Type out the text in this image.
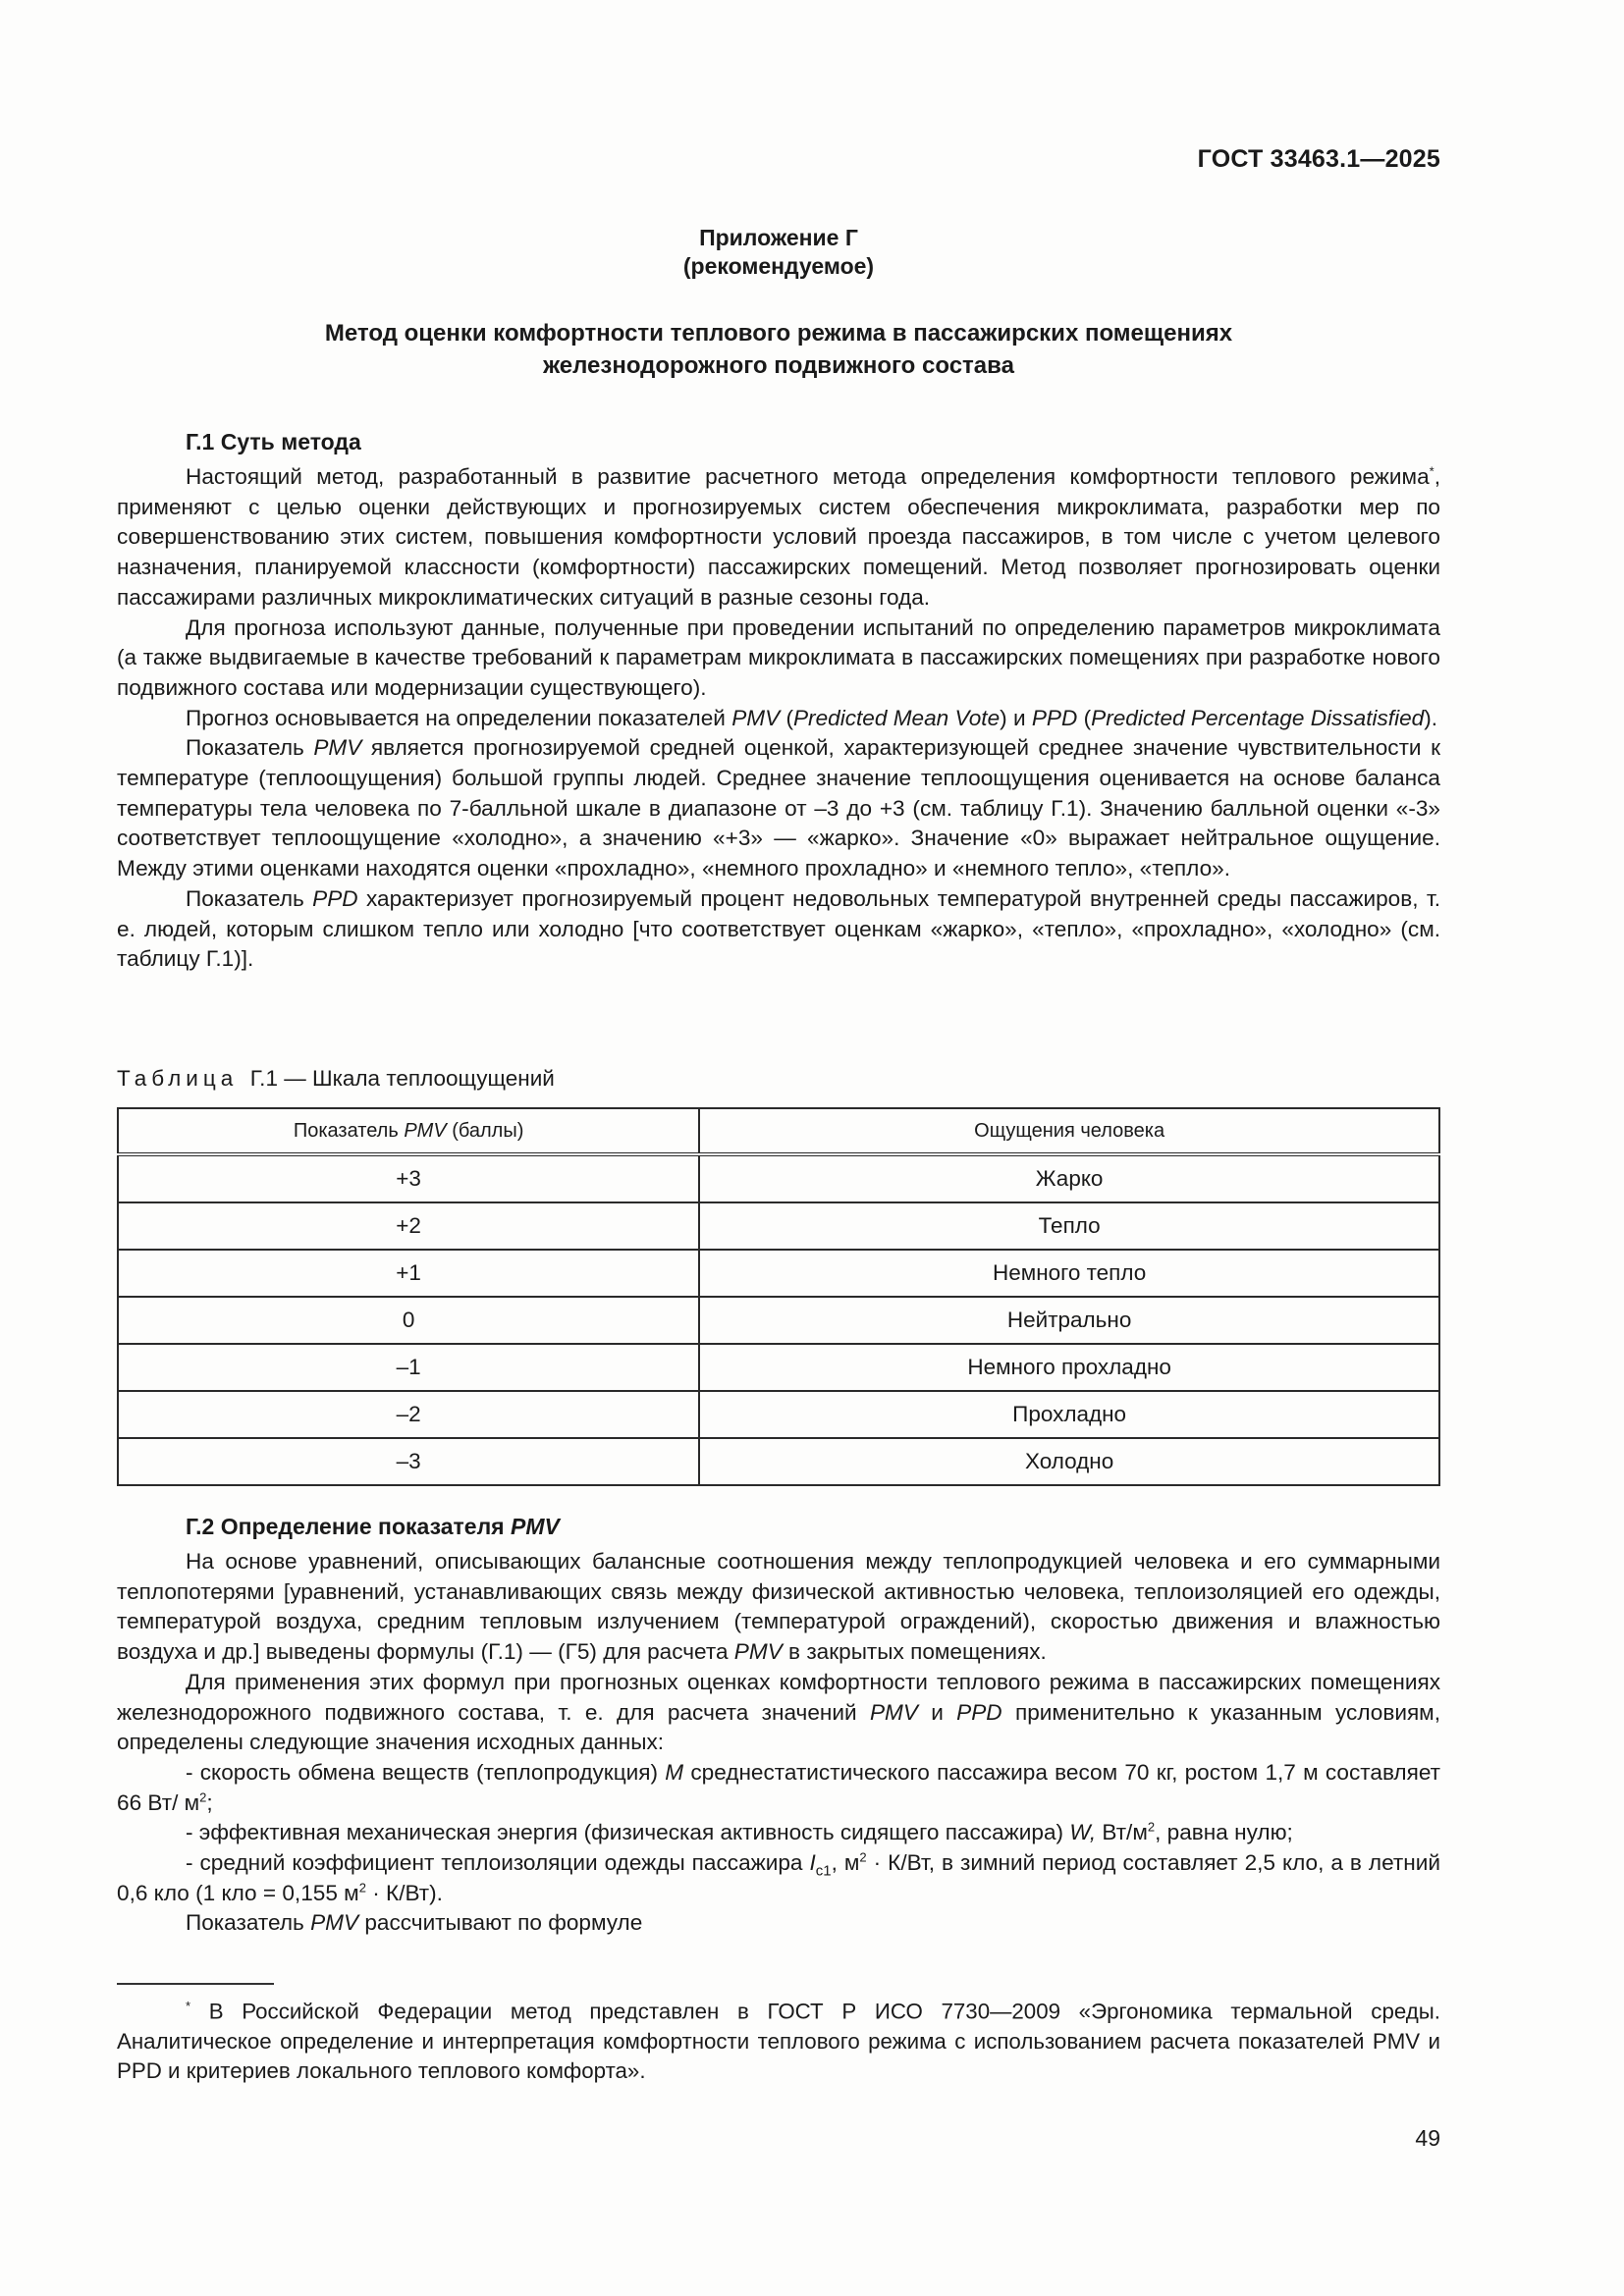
ГОСТ 33463.1—2025
Приложение Г
(рекомендуемое)
Метод оценки комфортности теплового режима в пассажирских помещениях
железнодорожного подвижного состава
Г.1 Суть метода

Настоящий метод, разработанный в развитие расчетного метода определения комфортности теплового режима*, применяют с целью оценки действующих и прогнозируемых систем обеспечения микроклимата, разработки мер по совершенствованию этих систем, повышения комфортности условий проезда пассажиров, в том числе с учетом целевого назначения, планируемой классности (комфортности) пассажирских помещений. Метод позволяет прогнозировать оценки пассажирами различных микроклиматических ситуаций в разные сезоны года.

Для прогноза используют данные, полученные при проведении испытаний по определению параметров микроклимата (а также выдвигаемые в качестве требований к параметрам микроклимата в пассажирских помещениях при разработке нового подвижного состава или модернизации существующего).

Прогноз основывается на определении показателей PMV (Predicted Mean Vote) и PPD (Predicted Percentage Dissatisfied).

Показатель PMV является прогнозируемой средней оценкой, характеризующей среднее значение чувствительности к температуре (теплоощущения) большой группы людей. Среднее значение теплоощущения оценивается на основе баланса температуры тела человека по 7-балльной шкале в диапазоне от –3 до +3 (см. таблицу Г.1). Значению балльной оценки «-3» соответствует теплоощущение «холодно», а значению «+3» — «жарко». Значение «0» выражает нейтральное ощущение. Между этими оценками находятся оценки «прохладно», «немного прохладно» и «немного тепло», «тепло».

Показатель PPD характеризует прогнозируемый процент недовольных температурой внутренней среды пассажиров, т. е. людей, которым слишком тепло или холодно [что соответствует оценкам «жарко», «тепло», «прохладно», «холодно» (см. таблицу Г.1)].

Таблица Г.1 — Шкала теплоощущений
Показатель PMV (баллы)	Ощущения человека
+3	Жарко
+2	Тепло
+1	Немного тепло
0	Нейтрально
–1	Немного прохладно
–2	Прохладно
–3	Холодно
Г.2 Определение показателя PMV

На основе уравнений, описывающих балансные соотношения между теплопродукцией человека и его суммарными теплопотерями [уравнений, устанавливающих связь между физической активностью человека, теплоизоляцией его одежды, температурой воздуха, средним тепловым излучением (температурой ограждений), скоростью движения и влажностью воздуха и др.] выведены формулы (Г.1) — (Г5) для расчета PMV в закрытых помещениях.

Для применения этих формул при прогнозных оценках комфортности теплового режима в пассажирских помещениях железнодорожного подвижного состава, т. е. для расчета значений PMV и PPD применительно к указанным условиям, определены следующие значения исходных данных:

- скорость обмена веществ (теплопродукция) M среднестатистического пассажира весом 70 кг, ростом 1,7 м составляет 66 Вт/ $м^2$;

- эффективная механическая энергия (физическая активность сидящего пассажира) W, $Вт/м^2$, равна нулю;

- средний коэффициент теплоизоляции одежды пассажира $I_{c1}$, $м^2 \cdot К/Вт$, в зимний период составляет 2,5 кло, а в летний 0,6 кло (1 кло = 0,155 $м^2 \cdot К/Вт$).

Показатель PMV рассчитывают по формуле

* В Российской Федерации метод представлен в ГОСТ Р ИСО 7730—2009 «Эргономика термальной среды. Аналитическое определение и интерпретация комфортности теплового режима с использованием расчета показателей PMV и PPD и критериев локального теплового комфорта».

49
